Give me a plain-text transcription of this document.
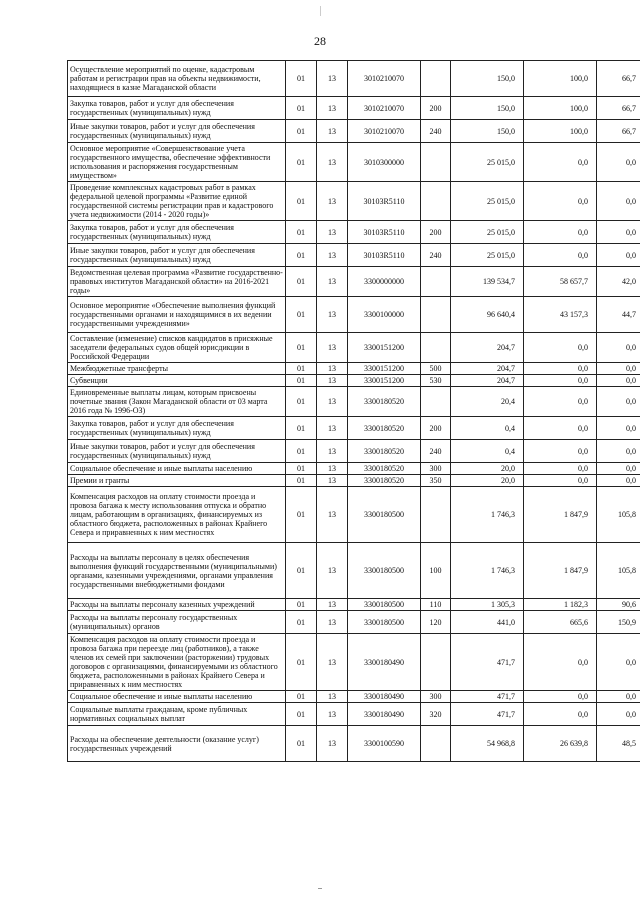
28
Осуществление мероприятий по оценке, кадастровым работам и регистрации прав на объекты недвижимости, находящиеся в казне Магаданской области	01	13	3010210070		150,0	100,0	66,7
Закупка товаров, работ и услуг для обеспечения государственных (муниципальных) нужд	01	13	3010210070	200	150,0	100,0	66,7
Иные закупки товаров, работ и услуг для обеспечения государственных (муниципальных) нужд	01	13	3010210070	240	150,0	100,0	66,7
Основное мероприятие «Совершенствование учета государственного имущества, обеспечение эффективности использования и распоряжения государственным имуществом»	01	13	3010300000		25 015,0	0,0	0,0
Проведение комплексных кадастровых работ в рамках федеральной целевой программы «Развитие единой государственной системы регистрации прав и кадастрового учета недвижимости (2014 - 2020 годы)»	01	13	30103R5110		25 015,0	0,0	0,0
Закупка товаров, работ и услуг для обеспечения государственных (муниципальных) нужд	01	13	30103R5110	200	25 015,0	0,0	0,0
Иные закупки товаров, работ и услуг для обеспечения государственных (муниципальных) нужд	01	13	30103R5110	240	25 015,0	0,0	0,0
Ведомственная целевая программа «Развитие государственно-правовых институтов Магаданской области» на 2016-2021 годы»	01	13	3300000000		139 534,7	58 657,7	42,0
Основное мероприятие «Обеспечение выполнения функций государственными органами и находящимися в их ведении государственными учреждениями»	01	13	3300100000		96 640,4	43 157,3	44,7
Составление (изменение) списков кандидатов в присяжные заседатели федеральных судов общей юрисдикции в Российской Федерации	01	13	3300151200		204,7	0,0	0,0
Межбюджетные трансферты	01	13	3300151200	500	204,7	0,0	0,0
Субвенции	01	13	3300151200	530	204,7	0,0	0,0
Единовременные выплаты лицам, которым присвоены почетные звания (Закон Магаданской области от 03 марта 2016 года № 1996-ОЗ)	01	13	3300180520		20,4	0,0	0,0
Закупка товаров, работ и услуг для обеспечения государственных (муниципальных) нужд	01	13	3300180520	200	0,4	0,0	0,0
Иные закупки товаров, работ и услуг для обеспечения государственных (муниципальных) нужд	01	13	3300180520	240	0,4	0,0	0,0
Социальное обеспечение и иные выплаты населению	01	13	3300180520	300	20,0	0,0	0,0
Премии и гранты	01	13	3300180520	350	20,0	0,0	0,0
Компенсация расходов на оплату стоимости проезда и провоза багажа к месту использования отпуска и обратно лицам, работающим в организациях, финансируемых из областного бюджета, расположенных в районах Крайнего Севера и приравненных к ним местностях	01	13	3300180500		1 746,3	1 847,9	105,8
Расходы на выплаты персоналу в целях обеспечения выполнения функций государственными (муниципальными) органами, казенными учреждениями, органами управления государственными внебюджетными фондами	01	13	3300180500	100	1 746,3	1 847,9	105,8
Расходы на выплаты персоналу казенных учреждений	01	13	3300180500	110	1 305,3	1 182,3	90,6
Расходы на выплаты персоналу государственных (муниципальных) органов	01	13	3300180500	120	441,0	665,6	150,9
Компенсация расходов на оплату стоимости проезда и провоза багажа при переезде лиц (работников), а также членов их семей при заключении (расторжении) трудовых договоров с организациями, финансируемыми из областного бюджета, расположенными в районах Крайнего Севера и приравненных к ним местностях	01	13	3300180490		471,7	0,0	0,0
Социальное обеспечение и иные выплаты населению	01	13	3300180490	300	471,7	0,0	0,0
Социальные выплаты гражданам, кроме публичных нормативных социальных выплат	01	13	3300180490	320	471,7	0,0	0,0
Расходы на обеспечение деятельности (оказание услуг) государственных учреждений	01	13	3300100590		54 968,8	26 639,8	48,5
